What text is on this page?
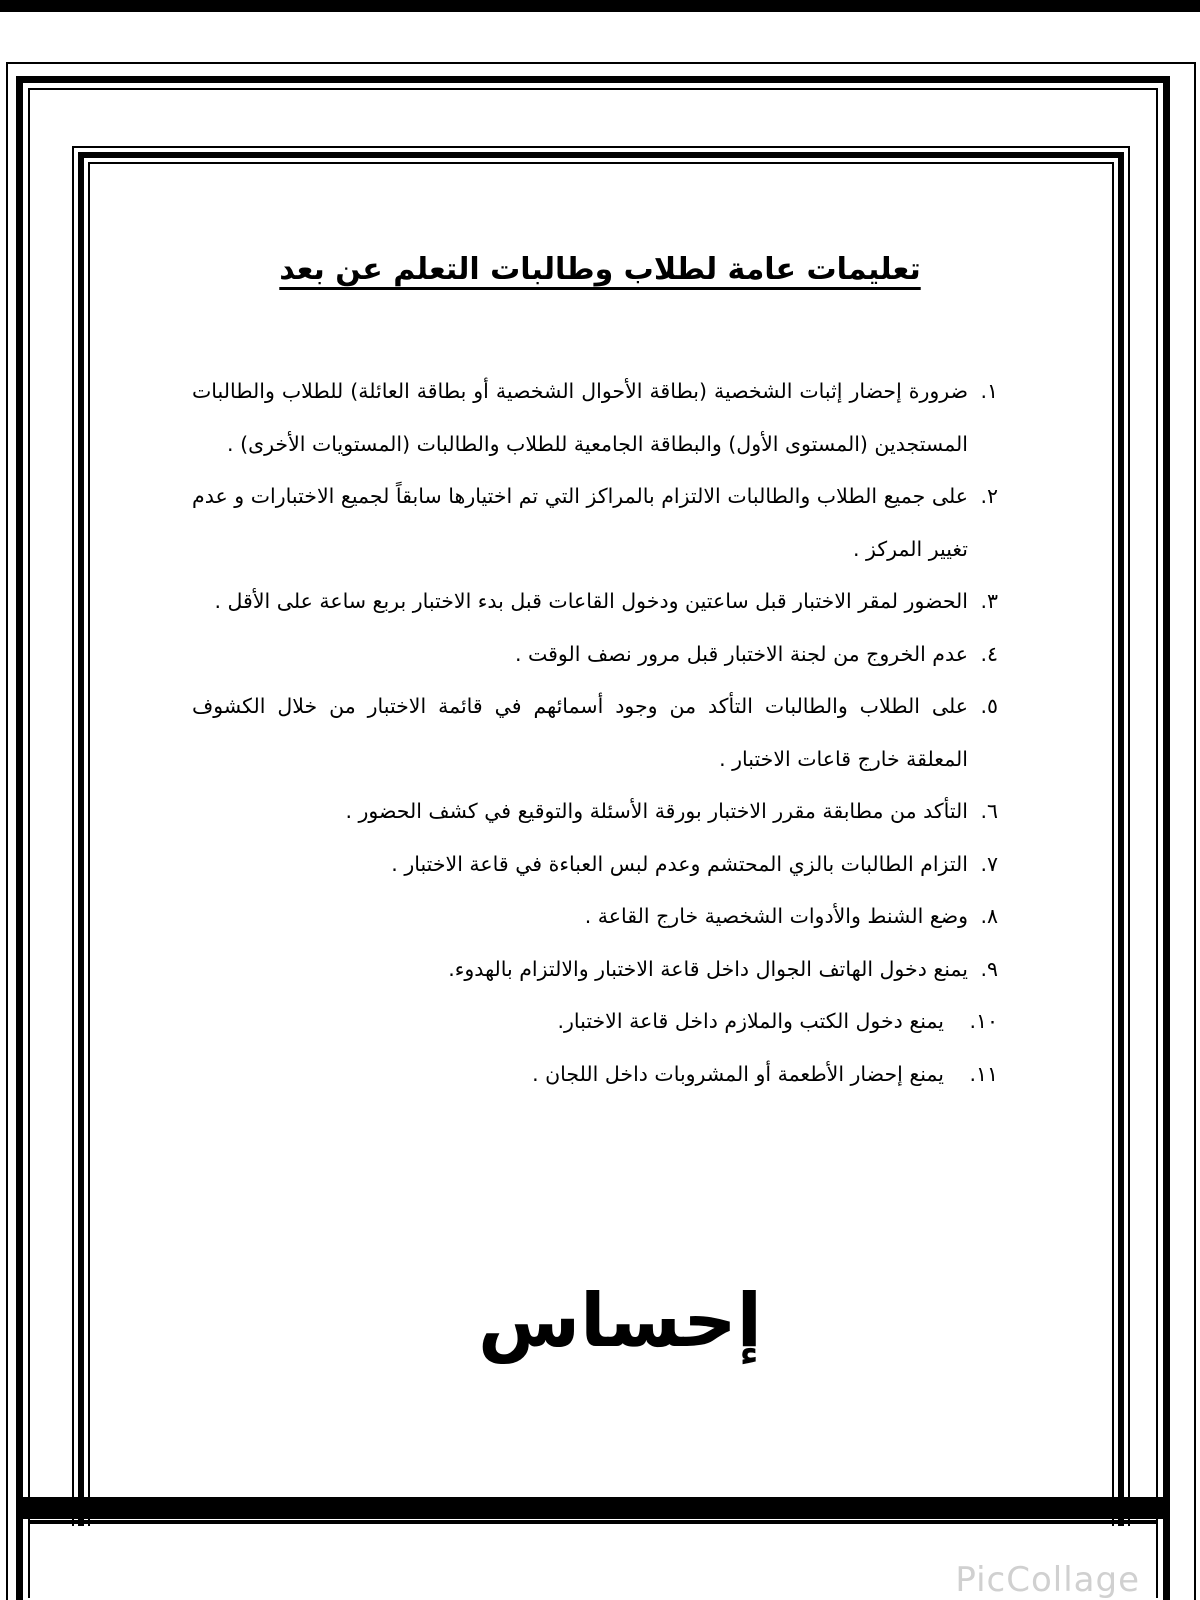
تعليمات عامة لطلاب وطالبات التعلم عن بعد
١.
ضرورة إحضار إثبات الشخصية (بطاقة الأحوال الشخصية أو بطاقة العائلة) للطلاب والطالبات المستجدين (المستوى الأول) والبطاقة الجامعية للطلاب والطالبات (المستويات الأخرى) .
٢.
على جميع الطلاب والطالبات الالتزام بالمراكز التي تم اختيارها سابقاً لجميع الاختبارات و عدم تغيير المركز .
٣.
الحضور لمقر الاختبار قبل ساعتين ودخول القاعات قبل بدء الاختبار بربع ساعة على الأقل .
٤.
عدم الخروج من لجنة الاختبار قبل مرور نصف الوقت .
٥.
على الطلاب والطالبات التأكد من وجود أسمائهم في قائمة الاختبار من خلال الكشوف المعلقة خارج قاعات الاختبار .
٦.
التأكد من مطابقة مقرر الاختبار بورقة الأسئلة والتوقيع في كشف الحضور .
٧.
التزام الطالبات بالزي المحتشم وعدم لبس العباءة في قاعة الاختبار .
٨.
وضع الشنط والأدوات الشخصية خارج القاعة .
٩.
يمنع دخول الهاتف الجوال داخل قاعة الاختبار والالتزام بالهدوء.
١٠.
يمنع دخول الكتب والملازم داخل قاعة الاختبار.
١١.
يمنع إحضار الأطعمة أو المشروبات داخل اللجان .
إحساس
PicCollage
